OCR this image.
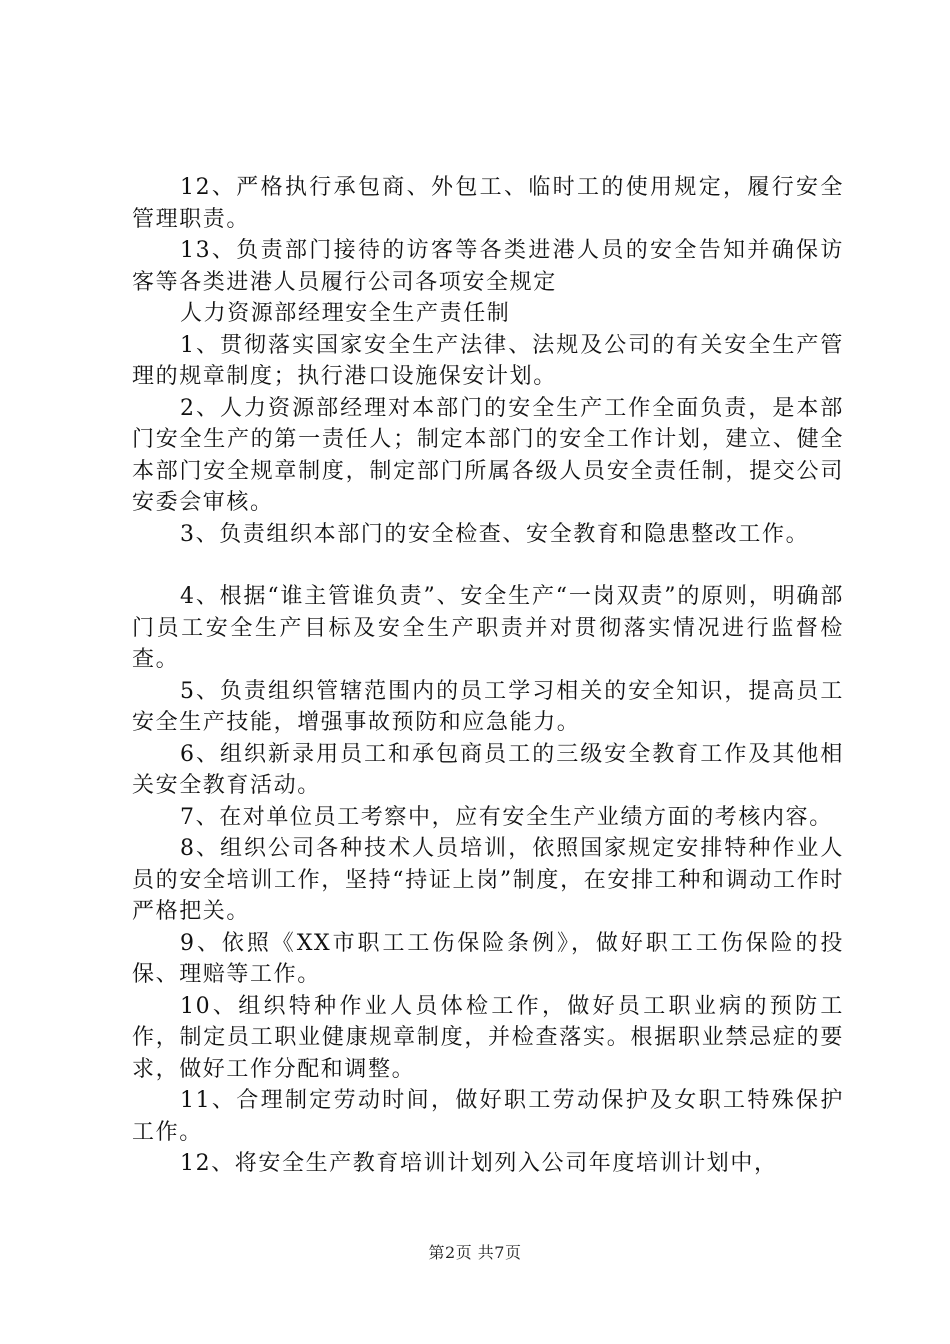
12、严格执行承包商、外包工、临时工的使用规定，履行安全管理职责。

13、负责部门接待的访客等各类进港人员的安全告知并确保访客等各类进港人员履行公司各项安全规定

人力资源部经理安全生产责任制

1、贯彻落实国家安全生产法律、法规及公司的有关安全生产管理的规章制度；执行港口设施保安计划。

2、人力资源部经理对本部门的安全生产工作全面负责，是本部门安全生产的第一责任人；制定本部门的安全工作计划，建立、健全本部门安全规章制度，制定部门所属各级人员安全责任制，提交公司安委会审核。

3、负责组织本部门的安全检查、安全教育和隐患整改工作。

4、根据“谁主管谁负责”、安全生产“一岗双责”的原则，明确部门员工安全生产目标及安全生产职责并对贯彻落实情况进行监督检查。

5、负责组织管辖范围内的员工学习相关的安全知识，提高员工安全生产技能，增强事故预防和应急能力。

6、组织新录用员工和承包商员工的三级安全教育工作及其他相关安全教育活动。

7、在对单位员工考察中，应有安全生产业绩方面的考核内容。

8、组织公司各种技术人员培训，依照国家规定安排特种作业人员的安全培训工作，坚持“持证上岗”制度，在安排工种和调动工作时严格把关。

9、依照《XX市职工工伤保险条例》，做好职工工伤保险的投保、理赔等工作。

10、组织特种作业人员体检工作，做好员工职业病的预防工作，制定员工职业健康规章制度，并检查落实。根据职业禁忌症的要求，做好工作分配和调整。

11、合理制定劳动时间，做好职工劳动保护及女职工特殊保护工作。

12、将安全生产教育培训计划列入公司年度培训计划中，

第2页 共7页
